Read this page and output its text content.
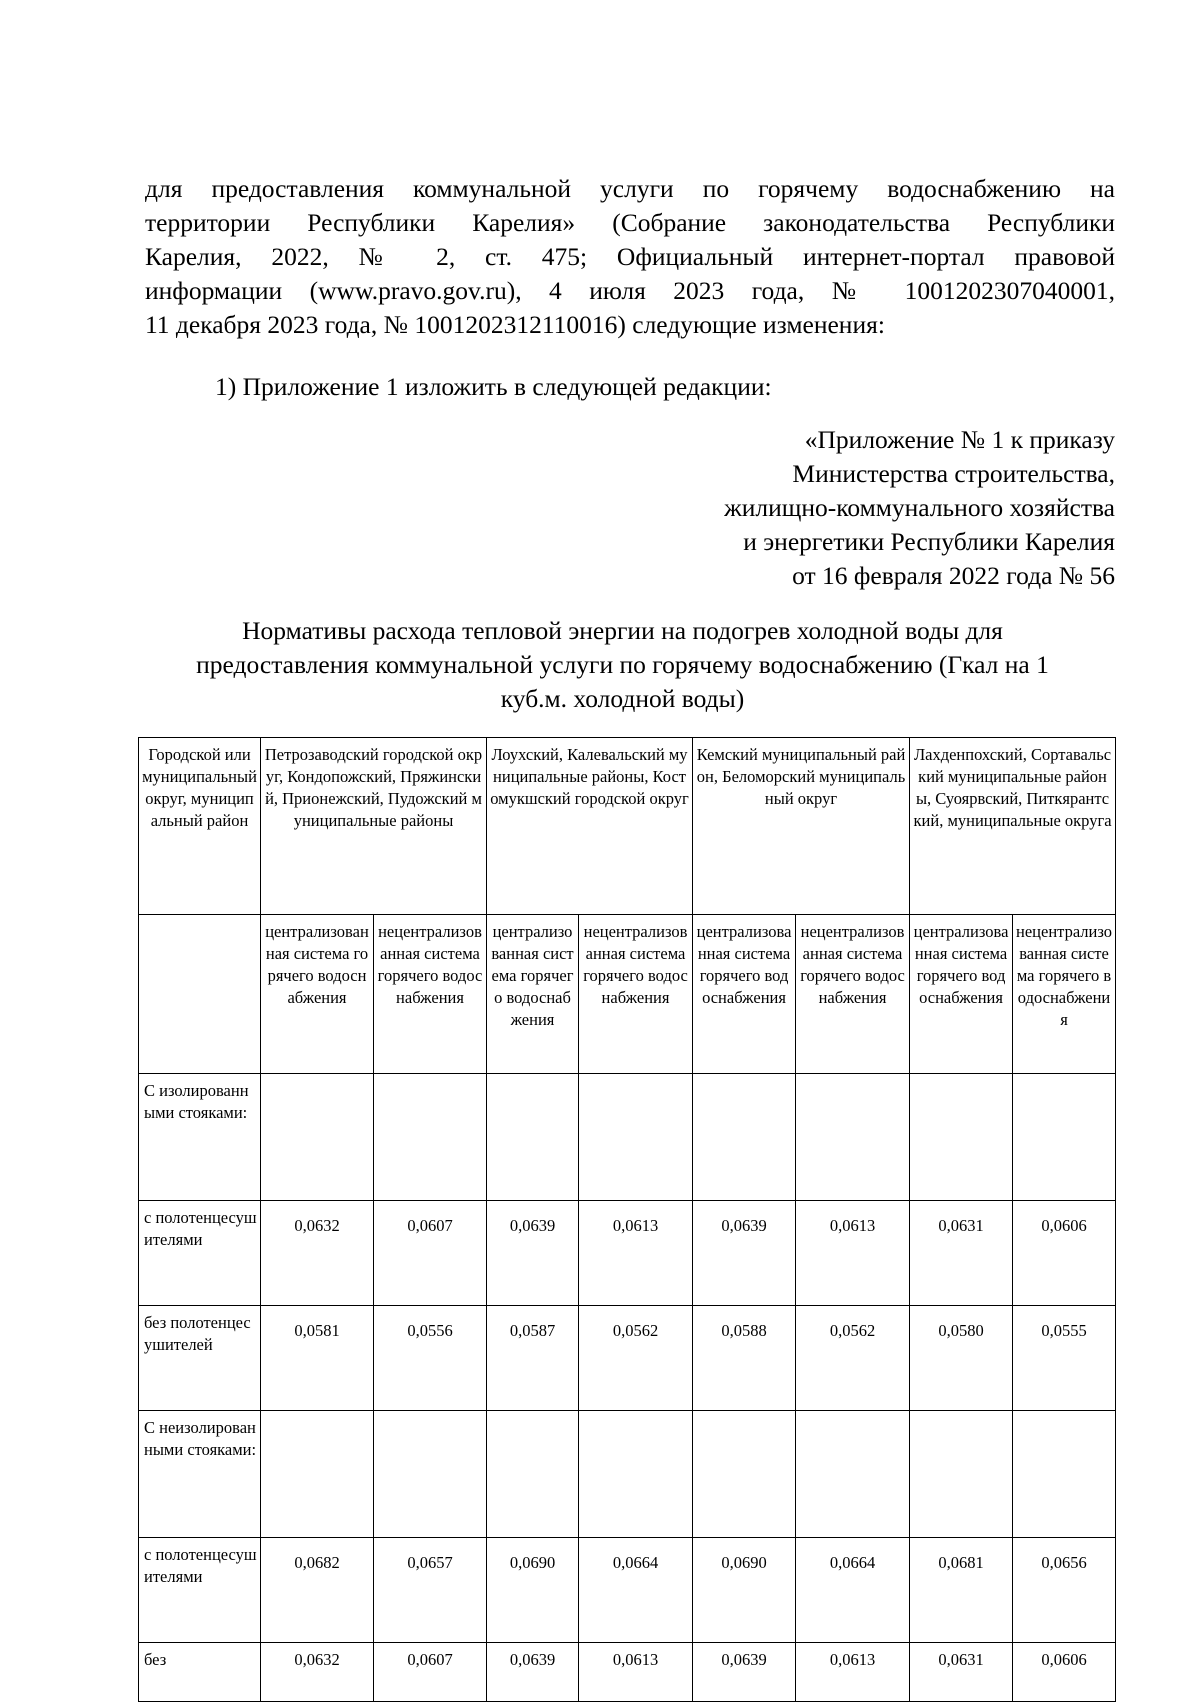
для предоставления коммунальной услуги по горячему водоснабжению на
территории Республики Карелия» (Собрание законодательства Республики
Карелия, 2022, № 2, ст. 475; Официальный интернет-портал правовой
информации (www.pravo.gov.ru), 4 июля 2023 года, № 1001202307040001,
11 декабря 2023 года, № 1001202312110016) следующие изменения:

1) Приложение 1 изложить в следующей редакции:

«Приложение № 1 к приказу
Министерства строительства,
жилищно-коммунального хозяйства
и энергетики Республики Карелия
от 16 февраля 2022 года № 56
Нормативы расхода тепловой энергии на подогрев холодной воды для
предоставления коммунальной услуги по горячему водоснабжению (Гкал на 1
куб.м. холодной воды)
Городской или муниципальный округ, муниципальный район	Петрозаводский городской округ, Кондопожский, Пряжинский, Прионежский, Пудожский муниципальные районы		Лоухский, Калевальский муниципальные районы, Костомукшский городской округ		Кемский муниципальный район, Беломорский муниципальный округ		Лахденпохский, Сортавальский муниципальные районы, Суоярвский, Питкярантский, муниципальные округа	
	централизованная система горячего водоснабжения	нецентрализованная система горячего водоснабжения	централизованная система горячего водоснабжения	нецентрализованная система горячего водоснабжения	централизованная система горячего водоснабжения	нецентрализованная система горячего водоснабжения	централизованная система горячего водоснабжения	нецентрализованная система горячего водоснабжения
С изолированными стояками:								
с полотенцесушителями	0,0632	0,0607	0,0639	0,0613	0,0639	0,0613	0,0631	0,0606
без полотенцесушителей	0,0581	0,0556	0,0587	0,0562	0,0588	0,0562	0,0580	0,0555
С неизолированными стояками:								
с полотенцесушителями	0,0682	0,0657	0,0690	0,0664	0,0690	0,0664	0,0681	0,0656
без	0,0632	0,0607	0,0639	0,0613	0,0639	0,0613	0,0631	0,0606
